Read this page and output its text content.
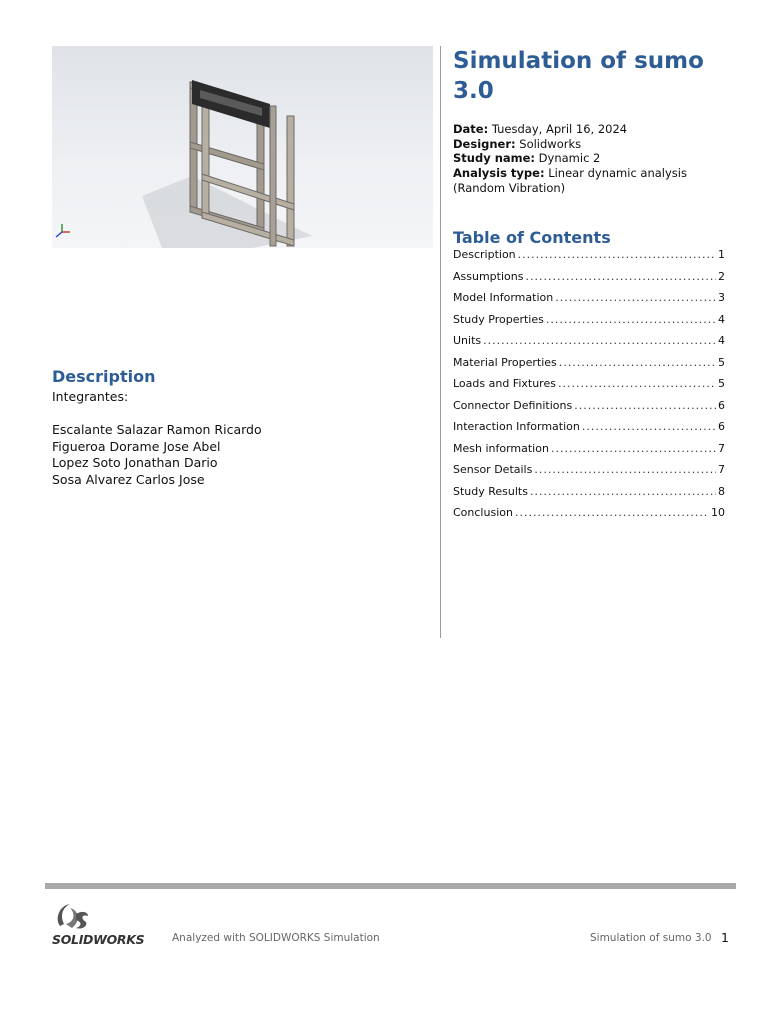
Simulation of sumo 3.0
Date: Tuesday, April 16, 2024
Designer: Solidworks
Study name: Dynamic 2
Analysis type: Linear dynamic analysis
(Random Vibration)
Table of Contents
Description .....	1
Assumptions .....	2
Model Information .....	3
Study Properties .....	4
Units .....	4
Material Properties .....	5
Loads and Fixtures .....	5
Connector Definitions .....	6
Interaction Information .....	6
Mesh information .....	7
Sensor Details .....	7
Study Results .....	8
Conclusion .....	10
Description
Integrantes:
Escalante Salazar Ramon Ricardo
Figueroa Dorame Jose Abel
Lopez Soto Jonathan Dario
Sosa Alvarez Carlos Jose
SOLIDWORKS	Analyzed with SOLIDWORKS Simulation	Simulation of sumo 3.0 1
